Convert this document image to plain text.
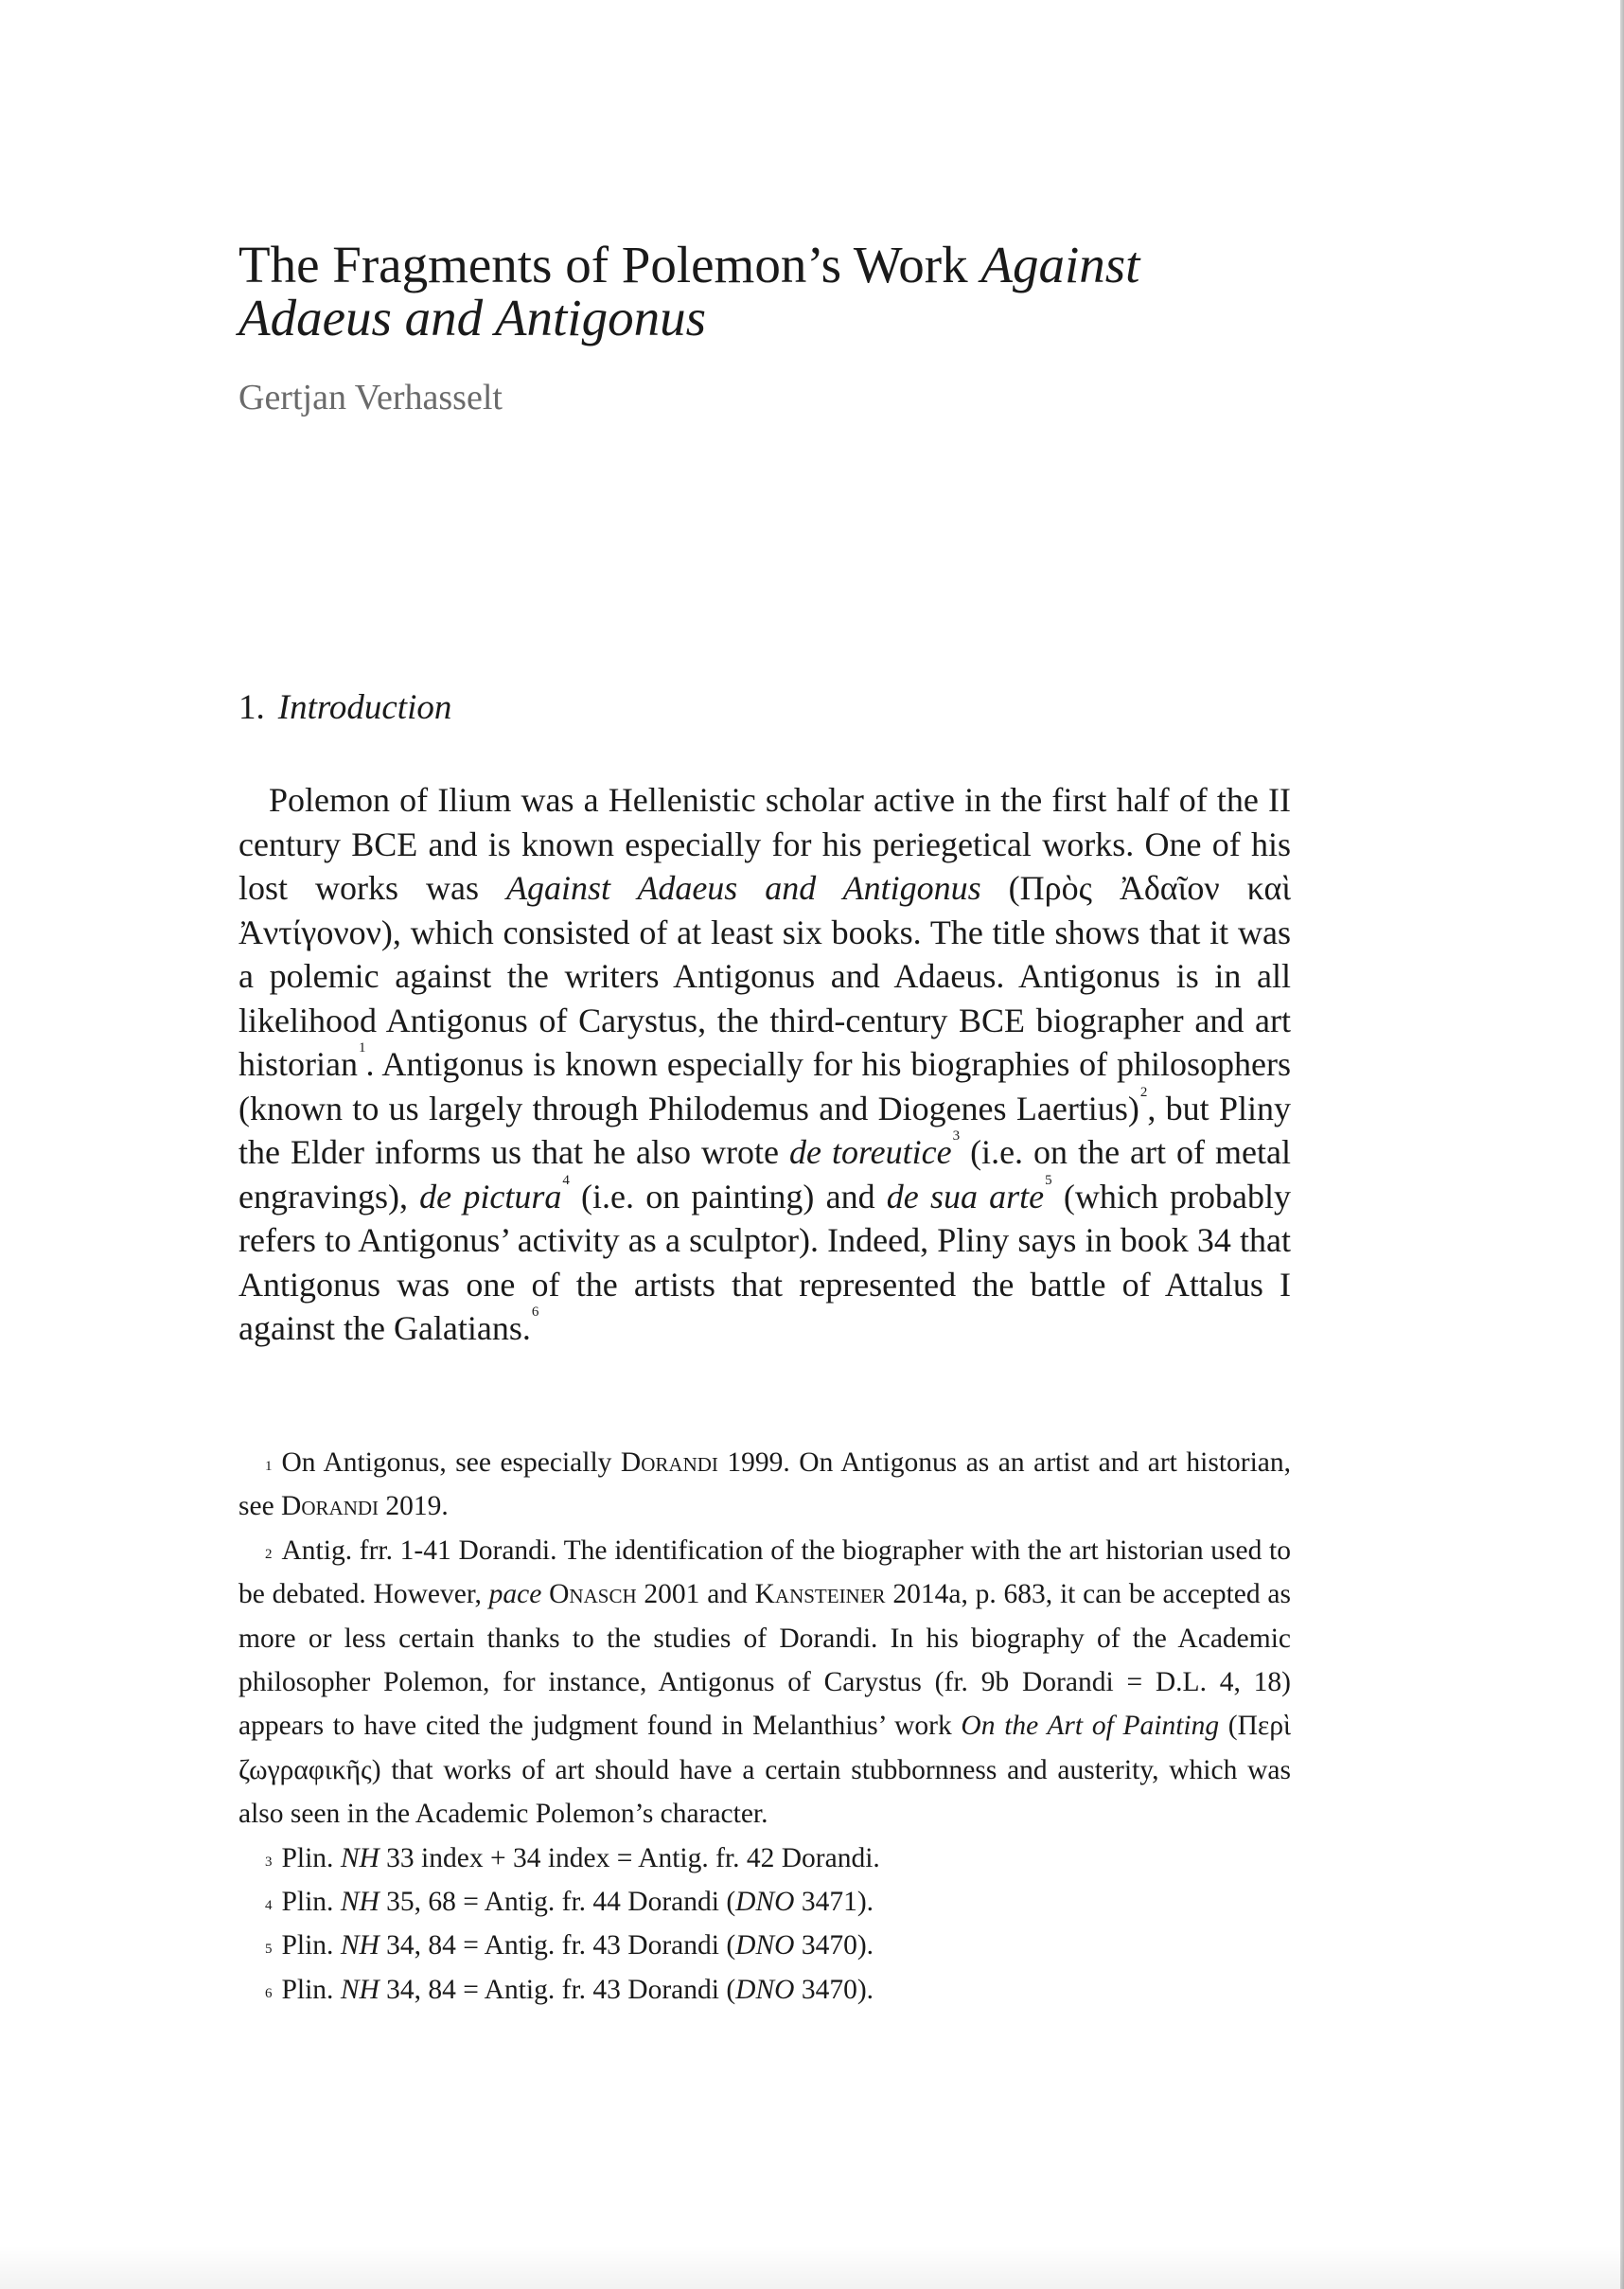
The Fragments of Polemon’s Work Against Adaeus and Antigonus
Gertjan Verhasselt
1. Introduction

Polemon of Ilium was a Hellenistic scholar active in the first half of the II century BCE and is known especially for his periegetical works. One of his lost works was Against Adaeus and Antigonus (Πρὸς Ἀδαῖον καὶ Ἀντίγονον), which consisted of at least six books. The title shows that it was a polemic against the writers Antigonus and Adaeus. Antigonus is in all likelihood Antigonus of Carystus, the third-century BCE biographer and art historian$^1$. Antigonus is known especially for his biographies of philosophers (known to us largely through Philodemus and Diogenes Laertius)$^2$, but Pliny the Elder informs us that he also wrote de toreutice$^3$ (i.e. on the art of metal engravings), de pictura$^4$ (i.e. on painting) and de sua arte$^5$ (which probably refers to Antigonus’ activity as a sculptor). Indeed, Pliny says in book 34 that Antigonus was one of the artists that represented the battle of Attalus I against the Galatians.$^6$

$^1$ On Antigonus, see especially Dorandi 1999. On Antigonus as an artist and art historian, see Dorandi 2019.

$^2$ Antig. frr. 1-41 Dorandi. The identification of the biographer with the art historian used to be debated. However, pace Onasch 2001 and Kansteiner 2014a, p. 683, it can be accepted as more or less certain thanks to the studies of Dorandi. In his biography of the Academic philosopher Polemon, for instance, Antigonus of Carystus (fr. 9b Dorandi = D.L. 4, 18) appears to have cited the judgment found in Melanthius’ work On the Art of Painting (Περὶ ζωγραφικῆς) that works of art should have a certain stubbornness and austerity, which was also seen in the Academic Polemon’s character.

$^3$ Plin. NH 33 index + 34 index = Antig. fr. 42 Dorandi.

$^4$ Plin. NH 35, 68 = Antig. fr. 44 Dorandi (DNO 3471).

$^5$ Plin. NH 34, 84 = Antig. fr. 43 Dorandi (DNO 3470).

$^6$ Plin. NH 34, 84 = Antig. fr. 43 Dorandi (DNO 3470).
